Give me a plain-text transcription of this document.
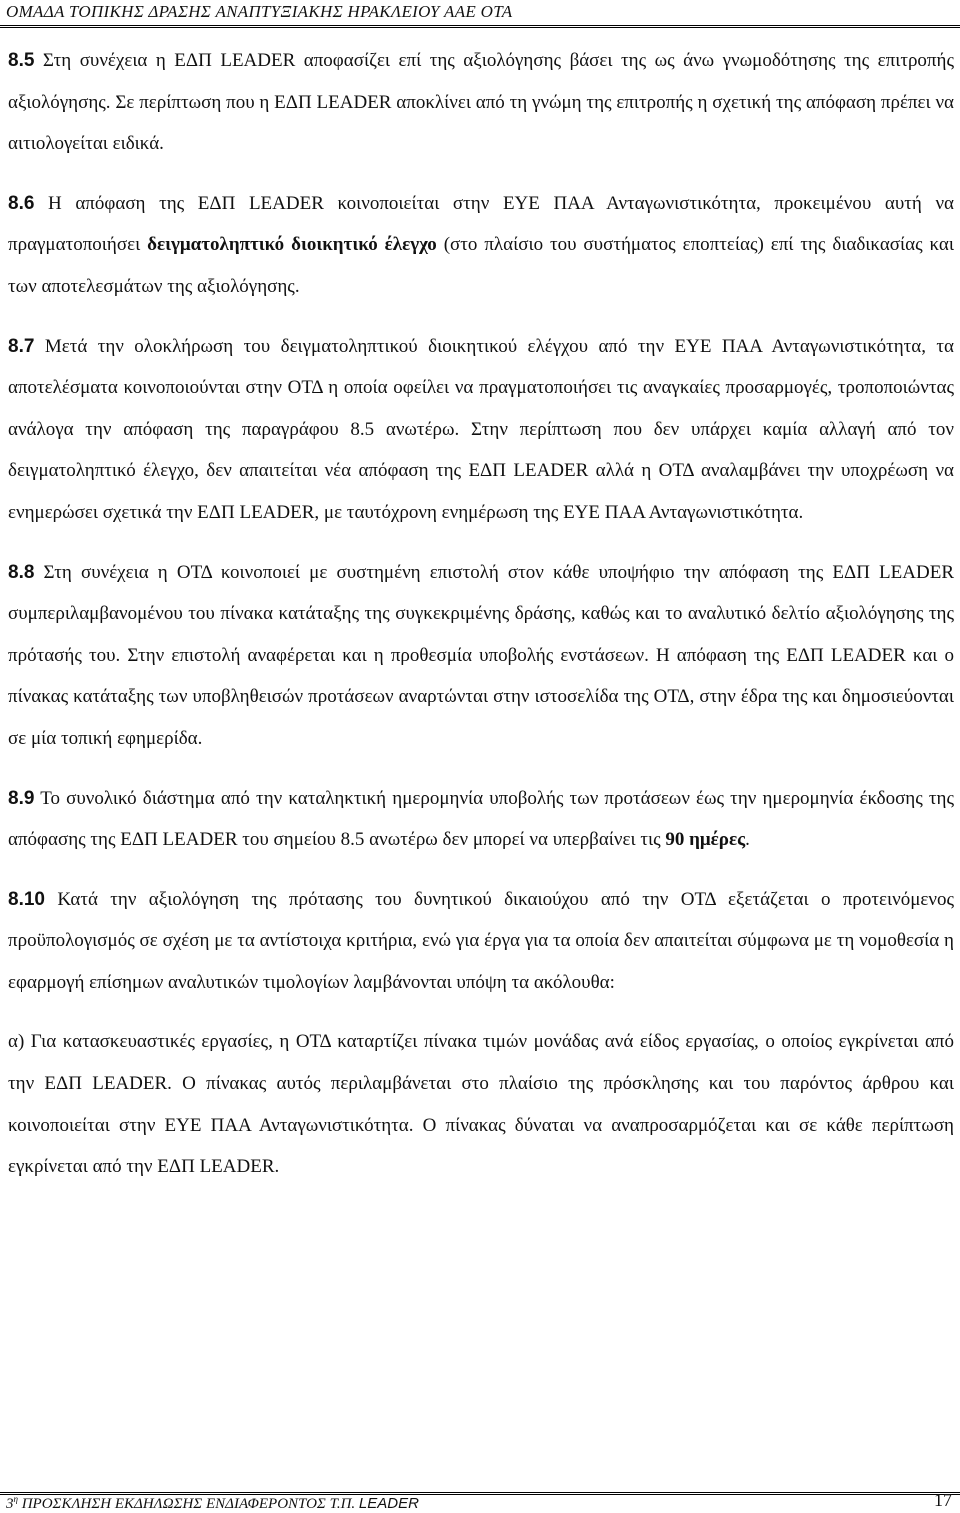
ΟΜΑΔΑ ΤΟΠΙΚΗΣ ΔΡΑΣΗΣ ΑΝΑΠΤΥΞΙΑΚΗΣ ΗΡΑΚΛΕΙΟΥ ΑΑΕ ΟΤΑ

8.5 Στη συνέχεια η ΕΔΠ LEADER αποφασίζει επί της αξιολόγησης βάσει της ως άνω γνωμοδότησης της επιτροπής αξιολόγησης. Σε περίπτωση που η ΕΔΠ LEADER αποκλίνει από τη γνώμη της επιτροπής η σχετική της απόφαση πρέπει να αιτιολογείται ειδικά.

8.6 Η απόφαση της ΕΔΠ LEADER κοινοποιείται στην ΕΥΕ ΠΑΑ Ανταγωνιστικότητα, προκειμένου αυτή να πραγματοποιήσει δειγματοληπτικό διοικητικό έλεγχο (στο πλαίσιο του συστήματος εποπτείας) επί της διαδικασίας και των αποτελεσμάτων της αξιολόγησης.

8.7 Μετά την ολοκλήρωση του δειγματοληπτικού διοικητικού ελέγχου από την ΕΥΕ ΠΑΑ Ανταγωνιστικότητα, τα αποτελέσματα κοινοποιούνται στην ΟΤΔ η οποία οφείλει να πραγματοποιήσει τις αναγκαίες προσαρμογές, τροποποιώντας ανάλογα την απόφαση της παραγράφου 8.5 ανωτέρω. Στην περίπτωση που δεν υπάρχει καμία αλλαγή από τον δειγματοληπτικό έλεγχο, δεν απαιτείται νέα απόφαση της ΕΔΠ LEADER αλλά η ΟΤΔ αναλαμβάνει την υποχρέωση να ενημερώσει σχετικά την ΕΔΠ LEADER, με ταυτόχρονη ενημέρωση της ΕΥΕ ΠΑΑ Ανταγωνιστικότητα.

8.8 Στη συνέχεια η ΟΤΔ κοινοποιεί με συστημένη επιστολή στον κάθε υποψήφιο την απόφαση της ΕΔΠ LEADER συμπεριλαμβανομένου του πίνακα κατάταξης της συγκεκριμένης δράσης, καθώς και το αναλυτικό δελτίο αξιολόγησης της πρότασής του. Στην επιστολή αναφέρεται και η προθεσμία υποβολής ενστάσεων. Η απόφαση της ΕΔΠ LEADER και ο πίνακας κατάταξης των υποβληθεισών προτάσεων αναρτώνται στην ιστοσελίδα της ΟΤΔ, στην έδρα της και δημοσιεύονται σε μία τοπική εφημερίδα.

8.9 Το συνολικό διάστημα από την καταληκτική ημερομηνία υποβολής των προτάσεων έως την ημερομηνία έκδοσης της απόφασης της ΕΔΠ LEADER του σημείου 8.5 ανωτέρω δεν μπορεί να υπερβαίνει τις 90 ημέρες.

8.10 Κατά την αξιολόγηση της πρότασης του δυνητικού δικαιούχου από την ΟΤΔ εξετάζεται ο προτεινόμενος προϋπολογισμός σε σχέση με τα αντίστοιχα κριτήρια, ενώ για έργα για τα οποία δεν απαιτείται σύμφωνα με τη νομοθεσία η εφαρμογή επίσημων αναλυτικών τιμολογίων λαμβάνονται υπόψη τα ακόλουθα:

α) Για κατασκευαστικές εργασίες, η ΟΤΔ καταρτίζει πίνακα τιμών μονάδας ανά είδος εργασίας, ο οποίος εγκρίνεται από την ΕΔΠ LEADER. Ο πίνακας αυτός περιλαμβάνεται στο πλαίσιο της πρόσκλησης και του παρόντος άρθρου και κοινοποιείται στην ΕΥΕ ΠΑΑ Ανταγωνιστικότητα. Ο πίνακας δύναται να αναπροσαρμόζεται και σε κάθε περίπτωση εγκρίνεται από την ΕΔΠ LEADER.

$3^\eta$ ΠΡΟΣΚΛΗΣΗ ΕΚΔΗΛΩΣΗΣ ΕΝΔΙΑΦΕΡΟΝΤΟΣ Τ.Π. LEADER	17
